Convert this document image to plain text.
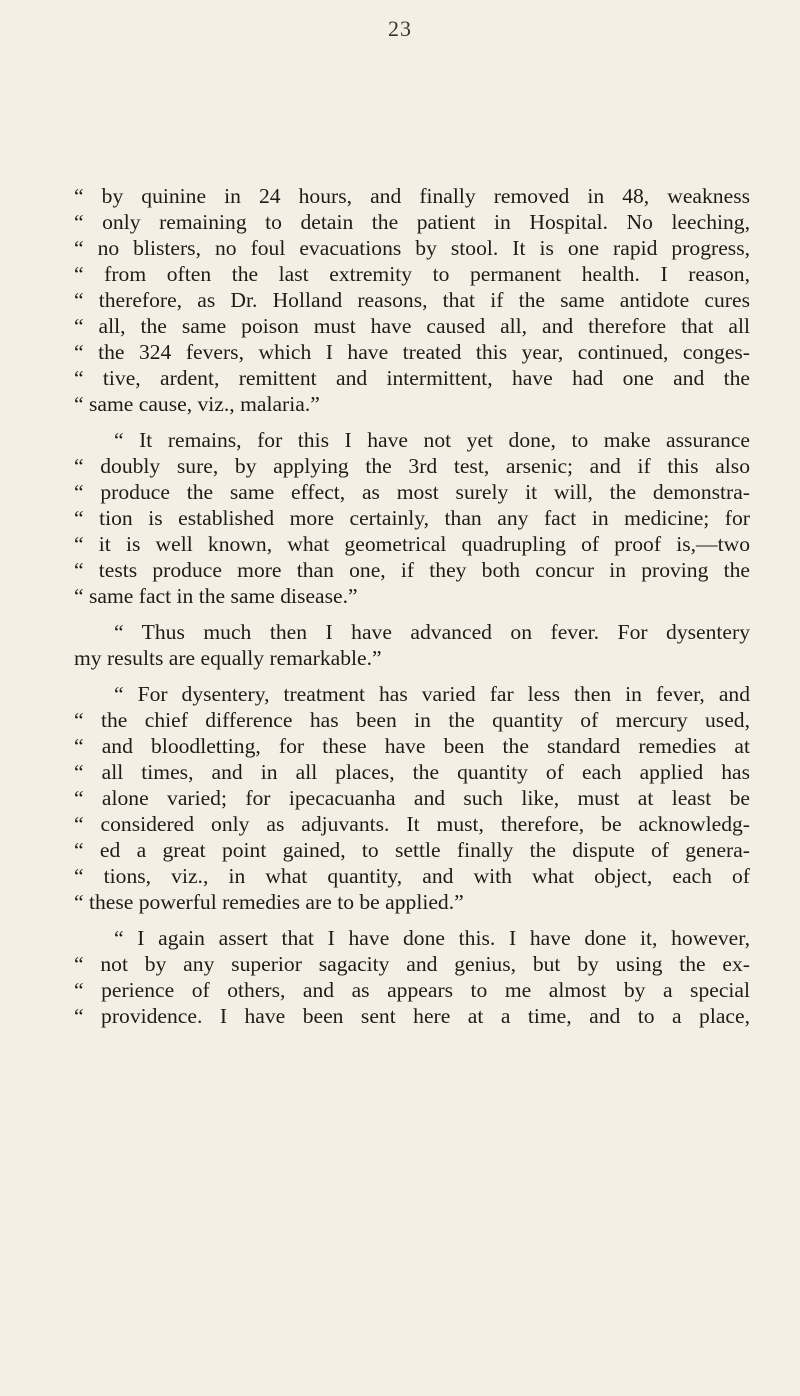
23
“ by quinine in 24 hours, and finally removed in 48, weakness
“ only remaining to detain the patient in Hospital. No leeching,
“ no blisters, no foul evacuations by stool. It is one rapid progress,
“ from often the last extremity to permanent health. I reason,
“ therefore, as Dr. Holland reasons, that if the same antidote cures
“ all, the same poison must have caused all, and therefore that all
“ the 324 fevers, which I have treated this year, continued, conges-
“ tive, ardent, remittent and intermittent, have had one and the
“ same cause, viz., malaria.”
“ It remains, for this I have not yet done, to make assurance
“ doubly sure, by applying the 3rd test, arsenic; and if this also
“ produce the same effect, as most surely it will, the demonstra-
“ tion is established more certainly, than any fact in medicine; for
“ it is well known, what geometrical quadrupling of proof is,—two
“ tests produce more than one, if they both concur in proving the
“ same fact in the same disease.”
“ Thus much then I have advanced on fever. For dysentery
my results are equally remarkable.”
“ For dysentery, treatment has varied far less then in fever, and
“ the chief difference has been in the quantity of mercury used,
“ and bloodletting, for these have been the standard remedies at
“ all times, and in all places, the quantity of each applied has
“ alone varied; for ipecacuanha and such like, must at least be
“ considered only as adjuvants. It must, therefore, be acknowledg-
“ ed a great point gained, to settle finally the dispute of genera-
“ tions, viz., in what quantity, and with what object, each of
“ these powerful remedies are to be applied.”
“ I again assert that I have done this. I have done it, however,
“ not by any superior sagacity and genius, but by using the ex-
“ perience of others, and as appears to me almost by a special
“ providence. I have been sent here at a time, and to a place,
